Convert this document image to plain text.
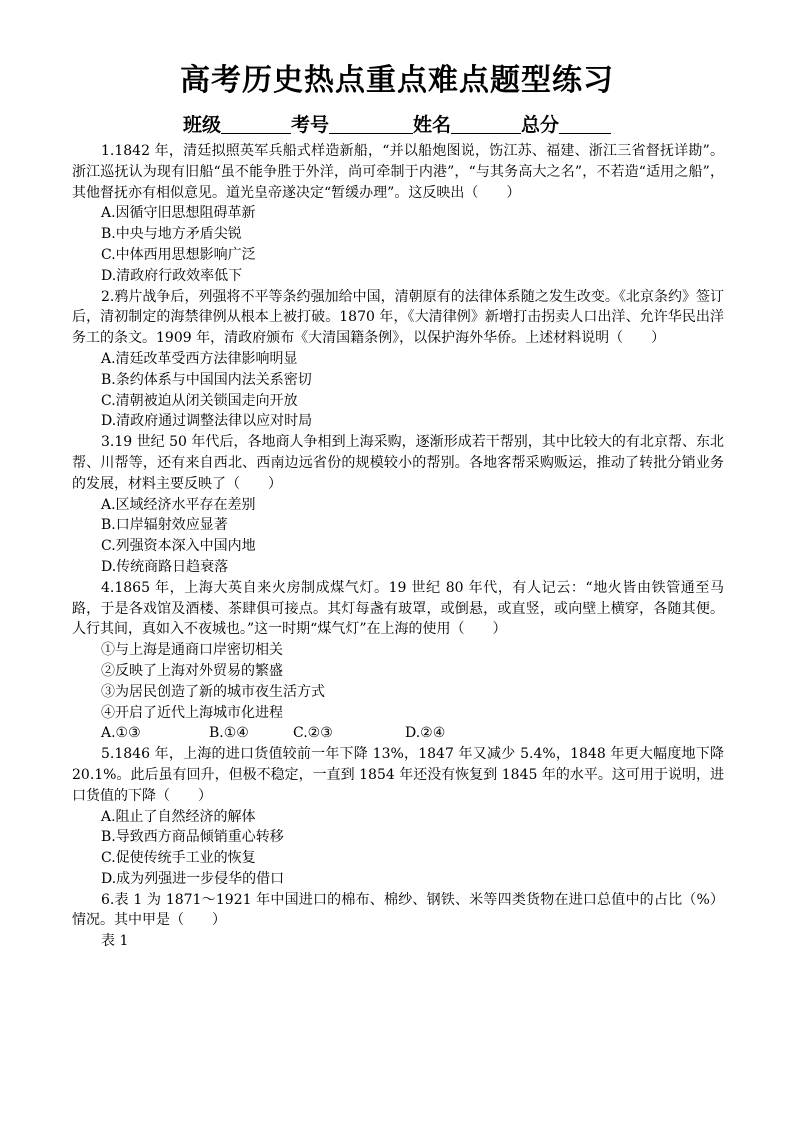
高考历史热点重点难点题型练习
班级	考号	姓名	总分

1.1842 年，清廷拟照英军兵船式样造新船，“并以船炮图说，饬江苏、福建、浙江三省督抚详勘”。浙江巡抚认为现有旧船“虽不能争胜于外洋，尚可牵制于内港”，“与其务高大之名”，不若造“适用之船”，其他督抚亦有相似意见。道光皇帝遂决定“暂缓办理”。这反映出（　　）

A.因循守旧思想阻碍革新

B.中央与地方矛盾尖锐

C.中体西用思想影响广泛

D.清政府行政效率低下

2.鸦片战争后，列强将不平等条约强加给中国，清朝原有的法律体系随之发生改变。《北京条约》签订后，清初制定的海禁律例从根本上被打破。1870 年，《大清律例》新增打击拐卖人口出洋、允许华民出洋务工的条文。1909 年，清政府颁布《大清国籍条例》，以保护海外华侨。上述材料说明（　　）

A.清廷改革受西方法律影响明显

B.条约体系与中国国内法关系密切

C.清朝被迫从闭关锁国走向开放

D.清政府通过调整法律以应对时局

3.19 世纪 50 年代后，各地商人争相到上海采购，逐渐形成若干帮别，其中比较大的有北京帮、东北帮、川帮等，还有来自西北、西南边远省份的规模较小的帮别。各地客帮采购贩运，推动了转批分销业务的发展，材料主要反映了（　　）

A.区域经济水平存在差别

B.口岸辐射效应显著

C.列强资本深入中国内地

D.传统商路日趋衰落

4.1865 年，上海大英自来火房制成煤气灯。19 世纪 80 年代，有人记云：“地火皆由铁管通至马路，于是各戏馆及酒楼、茶肆俱可接点。其灯每盏有玻罩，或倒悬，或直竖，或向壁上横穿，各随其便。人行其间，真如入不夜城也。”这一时期“煤气灯”在上海的使用（　　）

①与上海是通商口岸密切相关

②反映了上海对外贸易的繁盛

③为居民创造了新的城市夜生活方式

④开启了近代上海城市化进程

A.①③	B.①④	C.②③	D.②④

5.1846 年，上海的进口货值较前一年下降 13%，1847 年又减少 5.4%，1848 年更大幅度地下降 20.1%。此后虽有回升，但极不稳定，一直到 1854 年还没有恢复到 1845 年的水平。这可用于说明，进口货值的下降（　　）

A.阻止了自然经济的解体

B.导致西方商品倾销重心转移

C.促使传统手工业的恢复

D.成为列强进一步侵华的借口

6.表 1 为 1871～1921 年中国进口的棉布、棉纱、钢铁、米等四类货物在进口总值中的占比（%）情况。其中甲是（　　）

表 1
